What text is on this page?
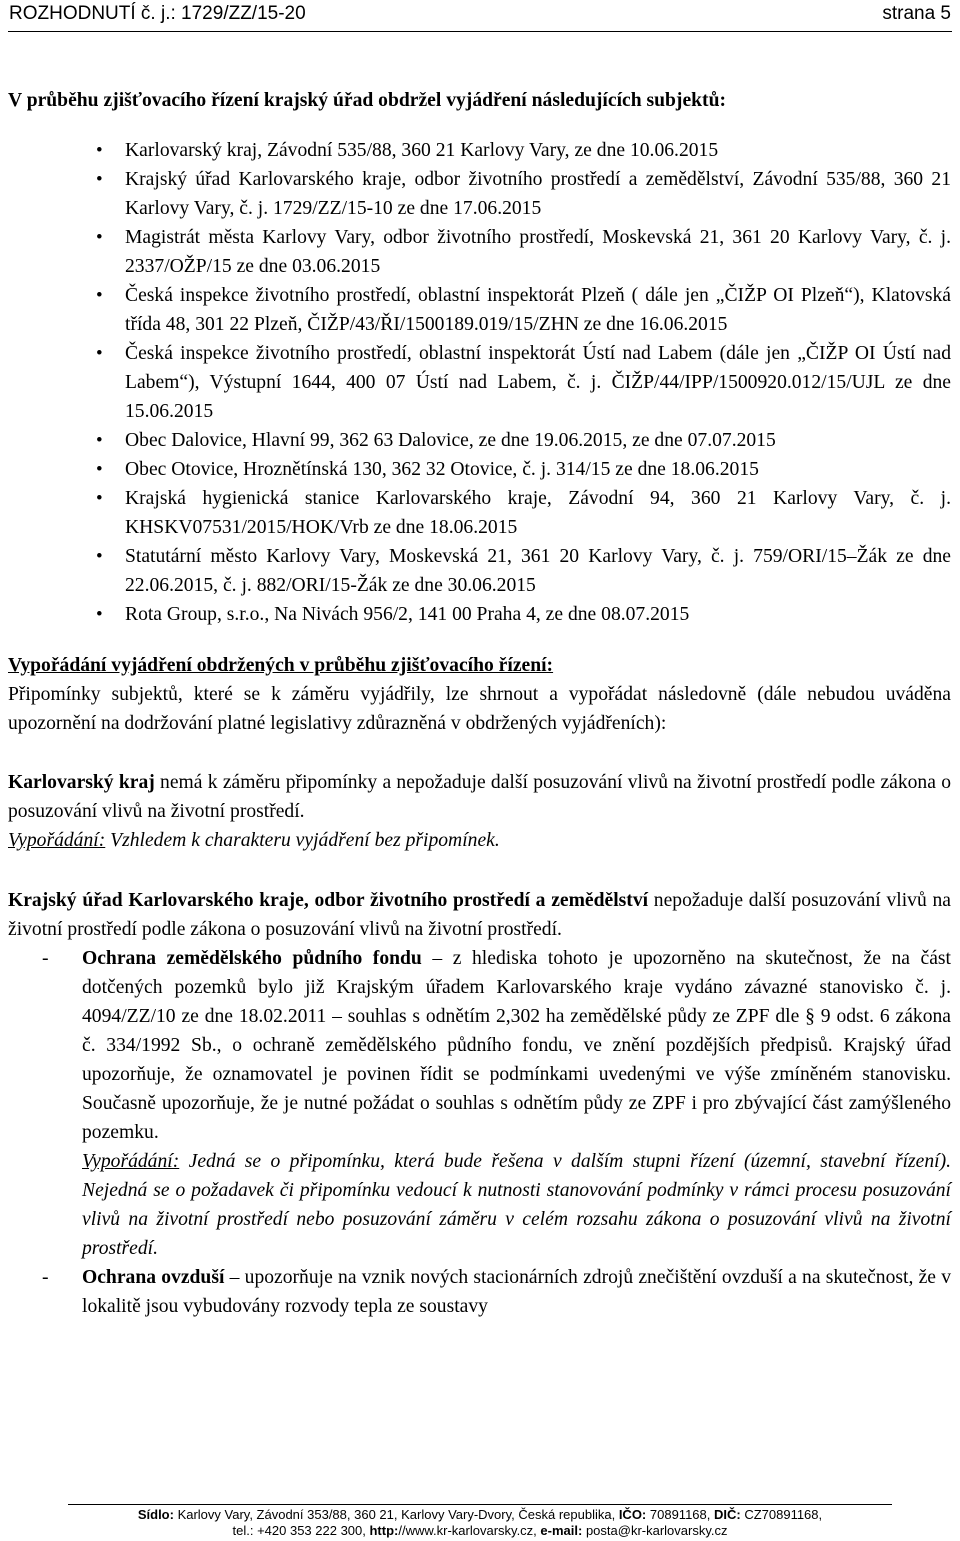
ROZHODNUTÍ č. j.: 1729/ZZ/15-20	strana 5

V průběhu zjišťovacího řízení krajský úřad obdržel vyjádření následujících subjektů:

• Karlovarský kraj, Závodní 535/88, 360 21 Karlovy Vary, ze dne 10.06.2015
• Krajský úřad Karlovarského kraje, odbor životního prostředí a zemědělství, Závodní 535/88, 360 21 Karlovy Vary, č. j. 1729/ZZ/15-10 ze dne 17.06.2015
• Magistrát města Karlovy Vary, odbor životního prostředí, Moskevská 21, 361 20 Karlovy Vary, č. j. 2337/OŽP/15 ze dne 03.06.2015
• Česká inspekce životního prostředí, oblastní inspektorát Plzeň ( dále jen „ČIŽP OI Plzeň“), Klatovská třída 48, 301 22 Plzeň, ČIŽP/43/ŘI/1500189.019/15/ZHN ze dne 16.06.2015
• Česká inspekce životního prostředí, oblastní inspektorát Ústí nad Labem (dále jen „ČIŽP OI Ústí nad Labem“), Výstupní 1644, 400 07 Ústí nad Labem, č. j. ČIŽP/44/IPP/1500920.012/15/UJL ze dne 15.06.2015
• Obec Dalovice, Hlavní 99, 362 63 Dalovice, ze dne 19.06.2015, ze dne 07.07.2015
• Obec Otovice, Hroznětínská 130, 362 32 Otovice, č. j. 314/15 ze dne 18.06.2015
• Krajská hygienická stanice Karlovarského kraje, Závodní 94, 360 21 Karlovy Vary, č. j. KHSKV07531/2015/HOK/Vrb ze dne 18.06.2015
• Statutární město Karlovy Vary, Moskevská 21, 361 20 Karlovy Vary, č. j. 759/ORI/15–Žák ze dne 22.06.2015, č. j. 882/ORI/15-Žák ze dne 30.06.2015
• Rota Group, s.r.o., Na Nivách 956/2, 141 00 Praha 4, ze dne 08.07.2015

Vypořádání vyjádření obdržených v průběhu zjišťovacího řízení:

Připomínky subjektů, které se k záměru vyjádřily, lze shrnout a vypořádat následovně (dále nebudou uváděna upozornění na dodržování platné legislativy zdůrazněná v obdržených vyjádřeních):

Karlovarský kraj nemá k záměru připomínky a nepožaduje další posuzování vlivů na životní prostředí podle zákona o posuzování vlivů na životní prostředí.

Vypořádání: Vzhledem k charakteru vyjádření bez připomínek.

Krajský úřad Karlovarského kraje, odbor životního prostředí a zemědělství nepožaduje další posuzování vlivů na životní prostředí podle zákona o posuzování vlivů na životní prostředí.

- Ochrana zemědělského půdního fondu – z hlediska tohoto je upozorněno na skutečnost, že na část dotčených pozemků bylo již Krajským úřadem Karlovarského kraje vydáno závazné stanovisko č. j. 4094/ZZ/10 ze dne 18.02.2011 – souhlas s odnětím 2,302 ha zemědělské půdy ze ZPF dle § 9 odst. 6 zákona č. 334/1992 Sb., o ochraně zemědělského půdního fondu, ve znění pozdějších předpisů. Krajský úřad upozorňuje, že oznamovatel je povinen řídit se podmínkami uvedenými ve výše zmíněném stanovisku. Současně upozorňuje, že je nutné požádat o souhlas s odnětím půdy ze ZPF i pro zbývající část zamýšleného pozemku.

Vypořádání: Jedná se o připomínku, která bude řešena v dalším stupni řízení (územní, stavební řízení). Nejedná se o požadavek či připomínku vedoucí k nutnosti stanovování podmínky v rámci procesu posuzování vlivů na životní prostředí nebo posuzování záměru v celém rozsahu zákona o posuzování vlivů na životní prostředí.

- Ochrana ovzduší – upozorňuje na vznik nových stacionárních zdrojů znečištění ovzduší a na skutečnost, že v lokalitě jsou vybudovány rozvody tepla ze soustavy

Sídlo: Karlovy Vary, Závodní 353/88, 360 21, Karlovy Vary-Dvory, Česká republika, IČO: 70891168, DIČ: CZ70891168,
tel.: +420 353 222 300, http://www.kr-karlovarsky.cz, e-mail: posta@kr-karlovarsky.cz
